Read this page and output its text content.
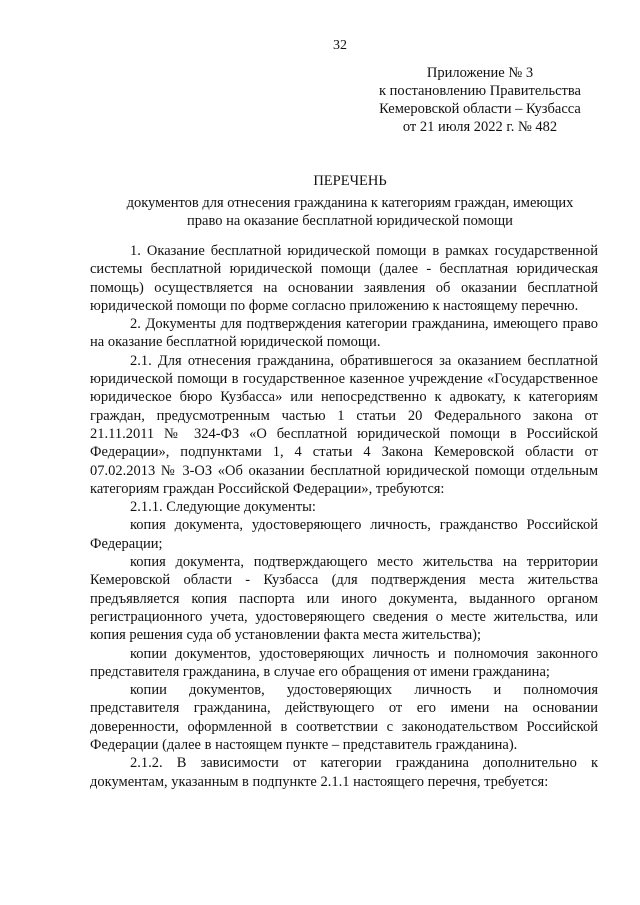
32
Приложение № 3
к постановлению Правительства
Кемеровской области – Кузбасса
от 21 июля 2022 г. № 482
ПЕРЕЧЕНЬ
документов для отнесения гражданина к категориям граждан, имеющих
право на оказание бесплатной юридической помощи

1. Оказание бесплатной юридической помощи в рамках государственной системы бесплатной юридической помощи (далее - бесплатная юридическая помощь) осуществляется на основании заявления об оказании бесплатной юридической помощи по форме согласно приложению к настоящему перечню.

2. Документы для подтверждения категории гражданина, имеющего право на оказание бесплатной юридической помощи.

2.1. Для отнесения гражданина, обратившегося за оказанием бесплатной юридической помощи в государственное казенное учреждение «Государственное юридическое бюро Кузбасса» или непосредственно к адвокату, к категориям граждан, предусмотренным частью 1 статьи 20 Федерального закона от 21.11.2011 № 324-ФЗ «О бесплатной юридической помощи в Российской Федерации», подпунктами 1, 4 статьи 4 Закона Кемеровской области от 07.02.2013 № 3-ОЗ «Об оказании бесплатной юридической помощи отдельным категориям граждан Российской Федерации», требуются:

2.1.1. Следующие документы:

копия документа, удостоверяющего личность, гражданство Российской Федерации;

копия документа, подтверждающего место жительства на территории Кемеровской области - Кузбасса (для подтверждения места жительства предъявляется копия паспорта или иного документа, выданного органом регистрационного учета, удостоверяющего сведения о месте жительства, или копия решения суда об установлении факта места жительства);

копии документов, удостоверяющих личность и полномочия законного представителя гражданина, в случае его обращения от имени гражданина;

копии документов, удостоверяющих личность и полномочия представителя гражданина, действующего от его имени на основании доверенности, оформленной в соответствии с законодательством Российской Федерации (далее в настоящем пункте – представитель гражданина).

2.1.2. В зависимости от категории гражданина дополнительно к документам, указанным в подпункте 2.1.1 настоящего перечня, требуется:
